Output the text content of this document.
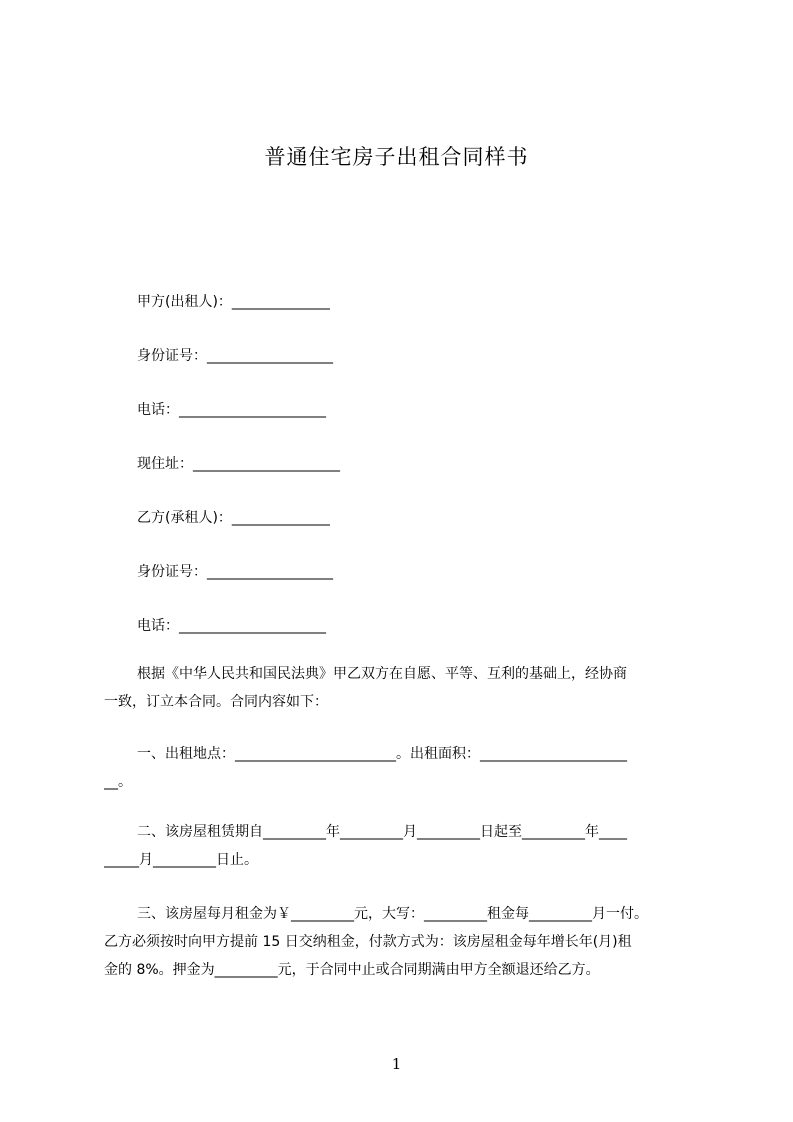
普通住宅房子出租合同样书
甲方(出租人)：______________
身份证号：__________________
电话：_____________________
现住址：_____________________
乙方(承租人)：______________
身份证号：__________________
电话：_____________________
根据《中华人民共和国民法典》甲乙双方在自愿、平等、互利的基础上，经协商
一致，订立本合同。合同内容如下：
一、出租地点：_______________________。出租面积：_____________________
__。
二、该房屋租赁期自_________年_________月_________日起至_________年____
_____月_________日止。
三、该房屋每月租金为￥_________元，大写：_________租金每_________月一付。
乙方必须按时向甲方提前 15 日交纳租金，付款方式为：该房屋租金每年增长年(月)租
金的 8%。押金为_________元，于合同中止或合同期满由甲方全额退还给乙方。
1
